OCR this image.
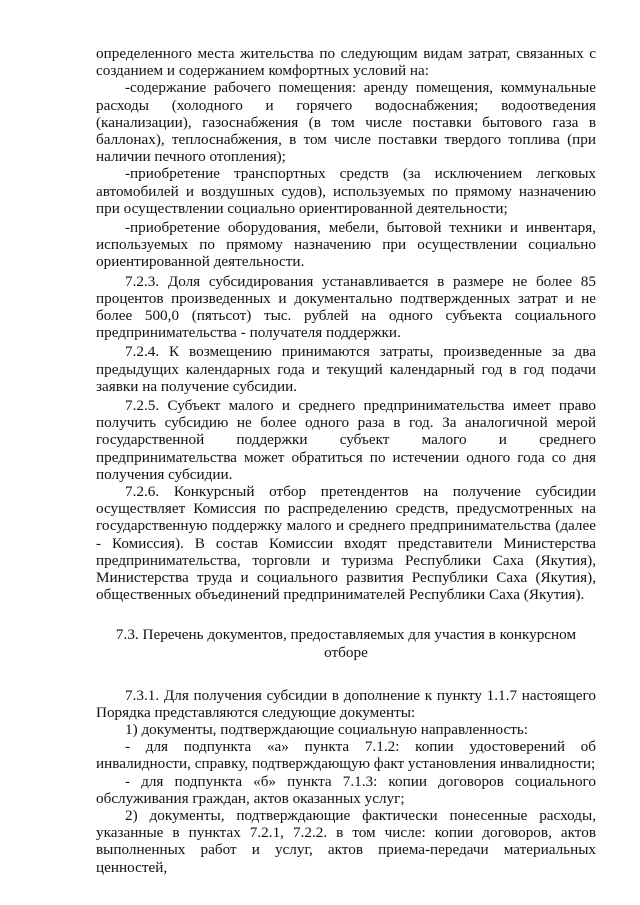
определенного места жительства по следующим видам затрат, связанных с созданием и содержанием комфортных условий на:

-содержание рабочего помещения: аренду помещения, коммунальные расходы (холодного и горячего водоснабжения; водоотведения (канализации), газоснабжения (в том числе поставки бытового газа в баллонах), теплоснабжения, в том числе поставки твердого топлива (при наличии печного отопления);

-приобретение транспортных средств (за исключением легковых автомобилей и воздушных судов), используемых по прямому назначению при осуществлении социально ориентированной деятельности;

-приобретение оборудования, мебели, бытовой техники и инвентаря, используемых по прямому назначению при осуществлении социально ориентированной деятельности.

7.2.3. Доля субсидирования устанавливается в размере не более 85 процентов произведенных и документально подтвержденных затрат и не более 500,0 (пятьсот) тыс. рублей на одного субъекта социального предпринимательства - получателя поддержки.

7.2.4. К возмещению принимаются затраты, произведенные за два предыдущих календарных года и текущий календарный год в год подачи заявки на получение субсидии.

7.2.5. Субъект малого и среднего предпринимательства имеет право получить субсидию не более одного раза в год. За аналогичной мерой государственной поддержки субъект малого и среднего предпринимательства может обратиться по истечении одного года со дня получения субсидии.

7.2.6. Конкурсный отбор претендентов на получение субсидии осуществляет Комиссия по распределению средств, предусмотренных на государственную поддержку малого и среднего предпринимательства (далее - Комиссия). В состав Комиссии входят представители Министерства предпринимательства, торговли и туризма Республики Саха (Якутия), Министерства труда и социального развития Республики Саха (Якутия), общественных объединений предпринимателей Республики Саха (Якутия).

7.3. Перечень документов, предоставляемых для участия в конкурсном

отборе

7.3.1. Для получения субсидии в дополнение к пункту 1.1.7 настоящего Порядка представляются следующие документы:

1) документы, подтверждающие социальную направленность:

- для подпункта «а» пункта 7.1.2: копии удостоверений об инвалидности, справку, подтверждающую факт установления инвалидности;

- для подпункта «б» пункта 7.1.3: копии договоров социального обслуживания граждан, актов оказанных услуг;

2) документы, подтверждающие фактически понесенные расходы, указанные в пунктах 7.2.1, 7.2.2. в том числе: копии договоров, актов выполненных работ и услуг, актов приема-передачи материальных ценностей,
